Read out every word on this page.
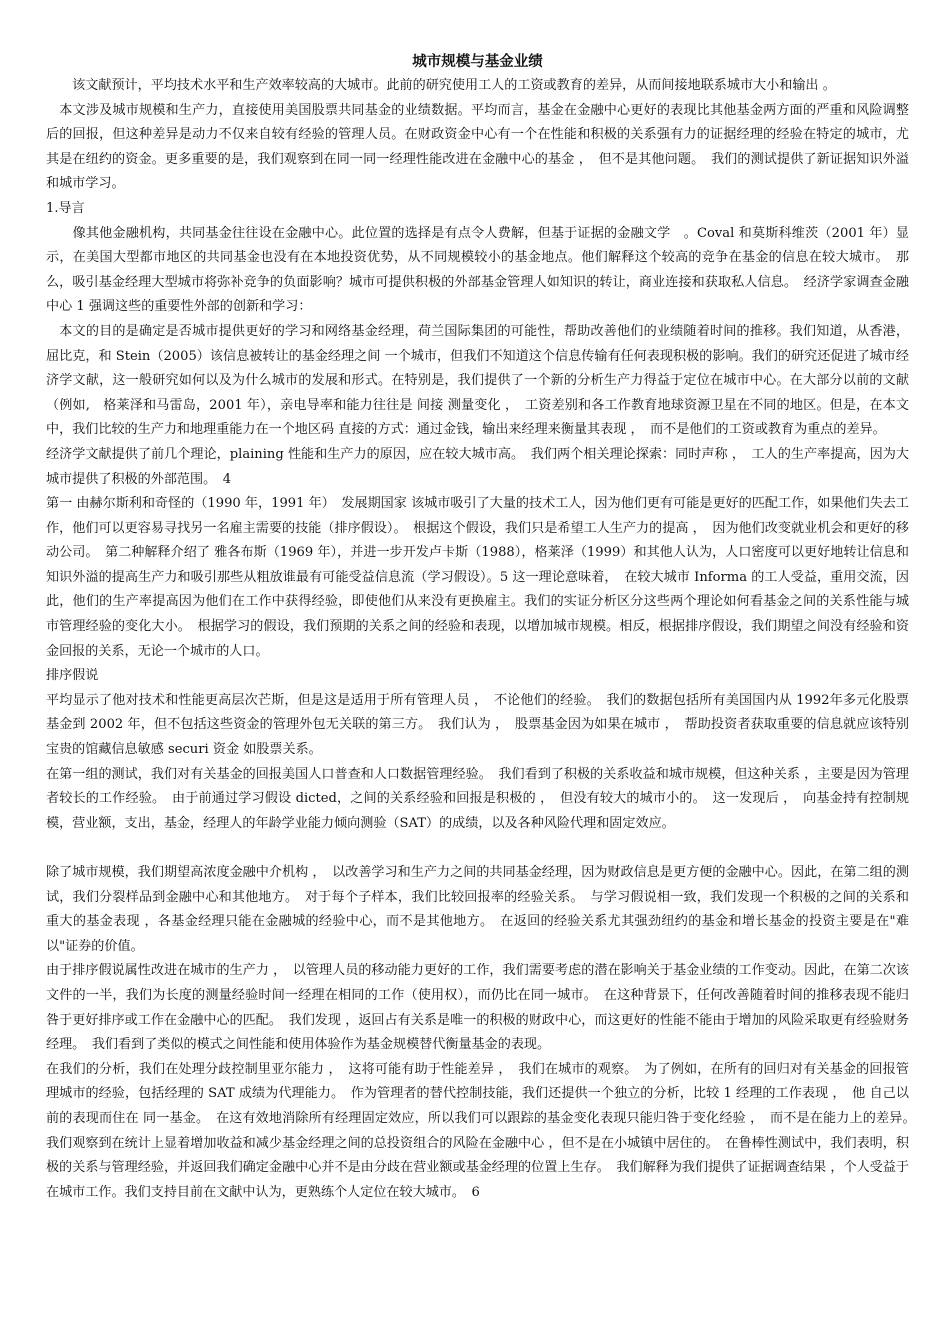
城市规模与基金业绩

　　该文献预计，平均技术水平和生产效率较高的大城市。此前的研究使用工人的工资或教育的差异，从而间接地联系城市大小和输出 。

　本文涉及城市规模和生产力，直接使用美国股票共同基金的业绩数据。平均而言，基金在金融中心更好的表现比其他基金两方面的严重和风险调整后的回报，但这种差异是动力不仅来自较有经验的管理人员。在财政资金中心有一个在性能和积极的关系强有力的证据经理的经验在特定的城市，尤其是在纽约的资金。更多重要的是，我们观察到在同一同一经理性能改进在金融中心的基金 ，　但不是其他问题。　我们的测试提供了新证据知识外溢和城市学习。

1.导言

　　像其他金融机构，共同基金往往设在金融中心。此位置的选择是有点令人费解，但基于证据的金融文学　。Coval 和莫斯科维茨（2001 年）显示，在美国大型都市地区的共同基金也没有在本地投资优势，从不同规模较小的基金地点。他们解释这个较高的竞争在基金的信息在较大城市。　那么，吸引基金经理大型城市将弥补竞争的负面影响？城市可提供积极的外部基金管理人如知识的转让，商业连接和获取私人信息。　经济学家调查金融中心 1 强调这些的重要性外部的创新和学习：

　本文的目的是确定是否城市提供更好的学习和网络基金经理，荷兰国际集团的可能性，帮助改善他们的业绩随着时间的推移。我们知道，从香港，屈比克，和 Stein（2005）该信息被转让的基金经理之间 一个城市，但我们不知道这个信息传输有任何表现积极的影响。我们的研究还促进了城市经济学文献，这一般研究如何以及为什么城市的发展和形式。在特别是，我们提供了一个新的分析生产力得益于定位在城市中心。在大部分以前的文献（例如,　格莱泽和马雷岛，2001 年），亲电导率和能力往往是 间接 测量变化 ，　工资差别和各工作教育地球资源卫星在不同的地区。但是，在本文中，我们比较的生产力和地理重能力在一个地区码 直接的方式：通过金钱，输出来经理来衡量其表现 ，　而不是他们的工资或教育为重点的差异。

经济学文献提供了前几个理论，plaining 性能和生产力的原因，应在较大城市高。　我们两个相关理论探索：同时声称 ，　工人的生产率提高，因为大城市提供了积极的外部范围。　4

第一 由赫尔斯利和奇怪的（1990 年，1991 年）　发展期国家 该城市吸引了大量的技术工人，因为他们更有可能是更好的匹配工作，如果他们失去工作，他们可以更容易寻找另一名雇主需要的技能（排序假设）。　根据这个假设，我们只是希望工人生产力的提高 ，　因为他们改变就业机会和更好的移动公司。　第二种解释介绍了 雅各布斯（1969 年），并进一步开发卢卡斯（1988），格莱泽（1999）和其他人认为，人口密度可以更好地转让信息和知识外溢的提高生产力和吸引那些从粗放谁最有可能受益信息流（学习假设）。5 这一理论意味着，　在较大城市 Informa 的工人受益，重用交流，因此，他们的生产率提高因为他们在工作中获得经验，即使他们从来没有更换雇主。我们的实证分析区分这些两个理论如何看基金之间的关系性能与城市管理经验的变化大小。　根据学习的假设，我们预期的关系之间的经验和表现，以增加城市规模。相反，根据排序假设，我们期望之间没有经验和资金回报的关系，无论一个城市的人口。

排序假说

平均显示了他对技术和性能更高层次芒斯，但是这是适用于所有管理人员 ，　不论他们的经验。　我们的数据包括所有美国国内从 1992年多元化股票基金到 2002 年，但不包括这些资金的管理外包无关联的第三方。　我们认为 ，　股票基金因为如果在城市 ，　帮助投资者获取重要的信息就应该特别宝贵的馆藏信息敏感 securi 资金 如股票关系。

在第一组的测试，我们对有关基金的回报美国人口普查和人口数据管理经验。　我们看到了积极的关系收益和城市规模，但这种关系 ，主要是因为管理者较长的工作经验。　由于前通过学习假设 dicted，之间的关系经验和回报是积极的 ，　但没有较大的城市小的。　这一发现后 ，　向基金持有控制规模，营业额，支出，基金，经理人的年龄学业能力倾向测验（SAT）的成绩，以及各种风险代理和固定效应。

除了城市规模，我们期望高浓度金融中介机构 ，　以改善学习和生产力之间的共同基金经理，因为财政信息是更方便的金融中心。因此，在第二组的测试，我们分裂样品到金融中心和其他地方。　对于每个子样本，我们比较回报率的经验关系。　与学习假说相一致，我们发现一个积极的之间的关系和重大的基金表现 ，各基金经理只能在金融城的经验中心，而不是其他地方。　在返回的经验关系尤其强劲纽约的基金和增长基金的投资主要是在"难以"证券的价值。

由于排序假说属性改进在城市的生产力 ，　以管理人员的移动能力更好的工作，我们需要考虑的潜在影响关于基金业绩的工作变动。因此，在第二次该文件的一半，我们为长度的测量经验时间一经理在相同的工作（使用权），而仍比在同一城市。　在这种背景下，任何改善随着时间的推移表现不能归咎于更好排序或工作在金融中心的匹配。　我们发现 ，返回占有关系是唯一的积极的财政中心，而这更好的性能不能由于增加的风险采取更有经验财务经理。　我们看到了类似的模式之间性能和使用体验作为基金规模替代衡量基金的表现。

在我们的分析，我们在处理分歧控制里亚尔能力 ，　这将可能有助于性能差异 ，　我们在城市的观察。　为了例如，在所有的回归对有关基金的回报管理城市的经验，包括经理的 SAT 成绩为代理能力。　作为管理者的替代控制技能，我们还提供一个独立的分析，比较 1 经理的工作表现 ，　他 自己以前的表现而住在 同一基金。　在这有效地消除所有经理固定效应，所以我们可以跟踪的基金变化表现只能归咎于变化经验 ，　而不是在能力上的差异。　我们观察到在统计上显着增加收益和减少基金经理之间的总投资组合的风险在金融中心 ，但不是在小城镇中居住的。　在鲁棒性测试中，我们表明，积极的关系与管理经验，并返回我们确定金融中心并不是由分歧在营业额或基金经理的位置上生存。　我们解释为我们提供了证据调查结果 ，个人受益于在城市工作。我们支持目前在文献中认为，更熟练个人定位在较大城市。　6
